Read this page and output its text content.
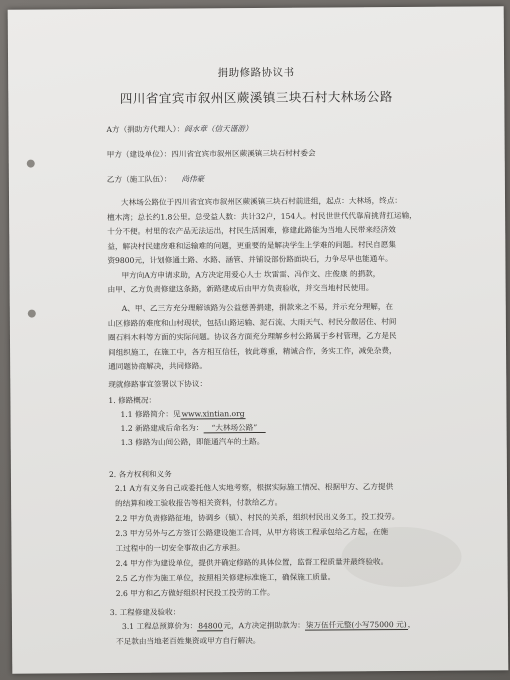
捐助修路协议书
四川省宜宾市叙州区蕨溪镇三块石村大林场公路
A方（捐助方代理人）：阎水章（信天谨游）
甲方（建设单位）：四川省宜宾市叙州区蕨溪镇三块石村村委会
乙方（施工队伍）： 尚伟豪
大林场公路位于四川省宜宾市叙州区蕨溪镇三块石村前进组，起点：大林场，终点：
檀木湾；总长约1.8公里。总受益人数：共计32户，154人。村民世世代代靠肩挑背扛运输，
十分不便。村里的农产品无法运出，村民生活困难，修建此路能为当地人民带来经济效
益，解决村民建房难和运输难的问题，更重要的是解决学生上学难的问题。村民自愿集
资9800元，计划修通土路、水路、涵管、并铺设部份路面块石，力争尽早也能通车。
甲方向A方申请求助，A方决定用爱心人士 坎雷雷、冯作文、庄俊康 的捐款，
由甲、乙方负责修建这条路，新路建成后由甲方负责验收，并交当地村民使用。
A、甲、乙三方充分理解该路为公益慈善捐建，捐款来之不易，并示充分理解，在
山区修路的难度和山村现状，包括山路运输、泥石流、大雨天气、村民分散居住、村间
圈石料木料等方面的实际问题。协议各方面充分理解乡村公路属于乡村管理，乙方是民
间组织施工，在施工中，各方相互信任，彼此尊重，精诚合作，务实工作，减免杂费，
通同题协商解决，共同修路。
现就修路事宜签署以下协议：
1. 修路概况：
1.1 修路简介：见www.xintian.org
1.2 新路建成后命名为： “大林场公路”
1.3 修路为山间公路，即能通汽车的土路。
2. 各方权利和义务
2.1 A方有义务自己或委托他人实地考察，根据实际施工情况、根据甲方、乙方提供
的结算和竣工验收报告等相关资料，付款给乙方。
2.2 甲方负责修路征地，协调乡（镇）、村民的关系，组织村民出义务工，投工投劳。
2.3 甲方另外与乙方签订公路建设施工合同，从甲方将该工程承包给乙方起，在施
工过程中的一切安全事故由乙方承担。
2.4 甲方作为建设单位，提供并确定修路的具体位置，监督工程质量并最终验收。
2.5 乙方作为施工单位，按照相关修建标准施工，确保施工质量。
2.6 甲方和乙方做好组织村民投工投劳的工作。
3. 工程修建及验收：
3.1 工程总预算价为：84800元，A方决定捐助款为：柒万伍仟元整(小写75000 元)，
不足款由当地老百姓集资或甲方自行解决。
